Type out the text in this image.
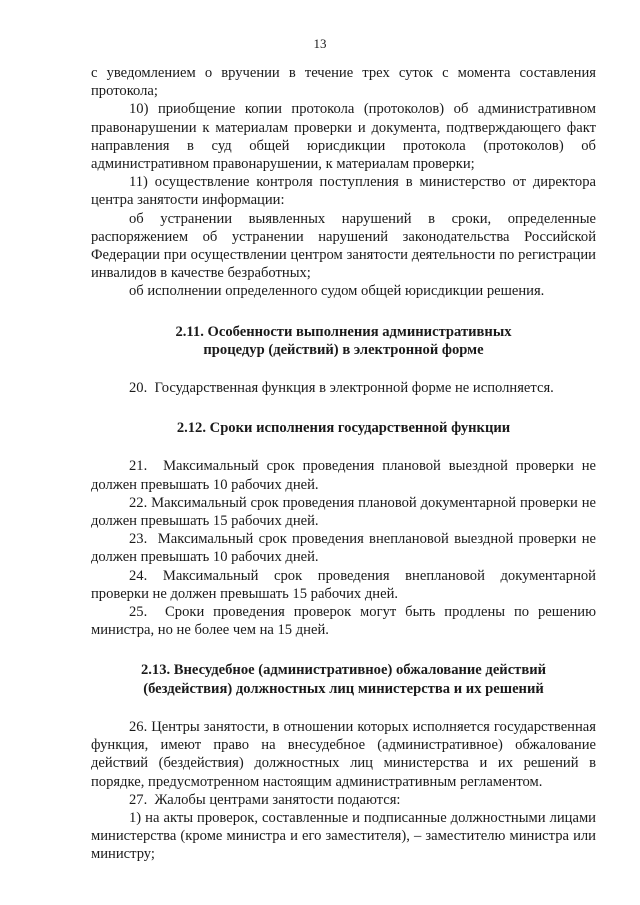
13

с уведомлением о вручении в течение трех суток с момента составления протокола;

10) приобщение копии протокола (протоколов) об административном правонарушении к материалам проверки и документа, подтверждающего факт направления в суд общей юрисдикции протокола (протоколов) об административном правонарушении, к материалам проверки;

11) осуществление контроля поступления в министерство от директора центра занятости информации:

об устранении выявленных нарушений в сроки, определенные распоряжением об устранении нарушений законодательства Российской Федерации при осуществлении центром занятости деятельности по регистрации инвалидов в качестве безработных;

об исполнении определенного судом общей юрисдикции решения.

2.11. Особенности выполнения административных

процедур (действий) в электронной форме

20.  Государственная функция в электронной форме не исполняется.

2.12. Сроки исполнения государственной функции

21.  Максимальный срок проведения плановой выездной проверки не должен превышать 10 рабочих дней.

22. Максимальный срок проведения плановой документарной проверки не должен превышать 15 рабочих дней.

23.  Максимальный срок проведения внеплановой выездной проверки не должен превышать 10 рабочих дней.

24. Максимальный срок проведения внеплановой документарной проверки не должен превышать 15 рабочих дней.

25.  Сроки проведения проверок могут быть продлены по решению министра, но не более чем на 15 дней.

2.13. Внесудебное (административное) обжалование действий

(бездействия) должностных лиц министерства и их решений

26. Центры занятости, в отношении которых исполняется государственная функция, имеют право на внесудебное (административное) обжалование действий (бездействия) должностных лиц министерства и их решений в порядке, предусмотренном настоящим административным регламентом.

27.  Жалобы центрами занятости подаются:

1) на акты проверок, составленные и подписанные должностными лицами министерства (кроме министра и его заместителя), – заместителю министра или министру;
